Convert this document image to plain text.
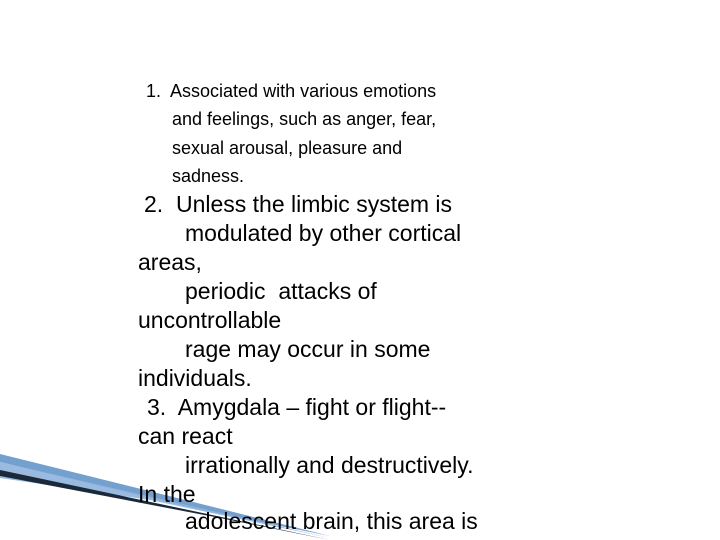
1.  Associated with various emotions
and feelings, such as anger, fear,
sexual arousal, pleasure and
sadness.
2.  Unless the limbic system is
modulated by other cortical
areas,
periodic  attacks of
uncontrollable
rage may occur in some
individuals.
3.  Amygdala – fight or flight--
can react
irrationally and destructively.
In the
adolescent brain, this area is
